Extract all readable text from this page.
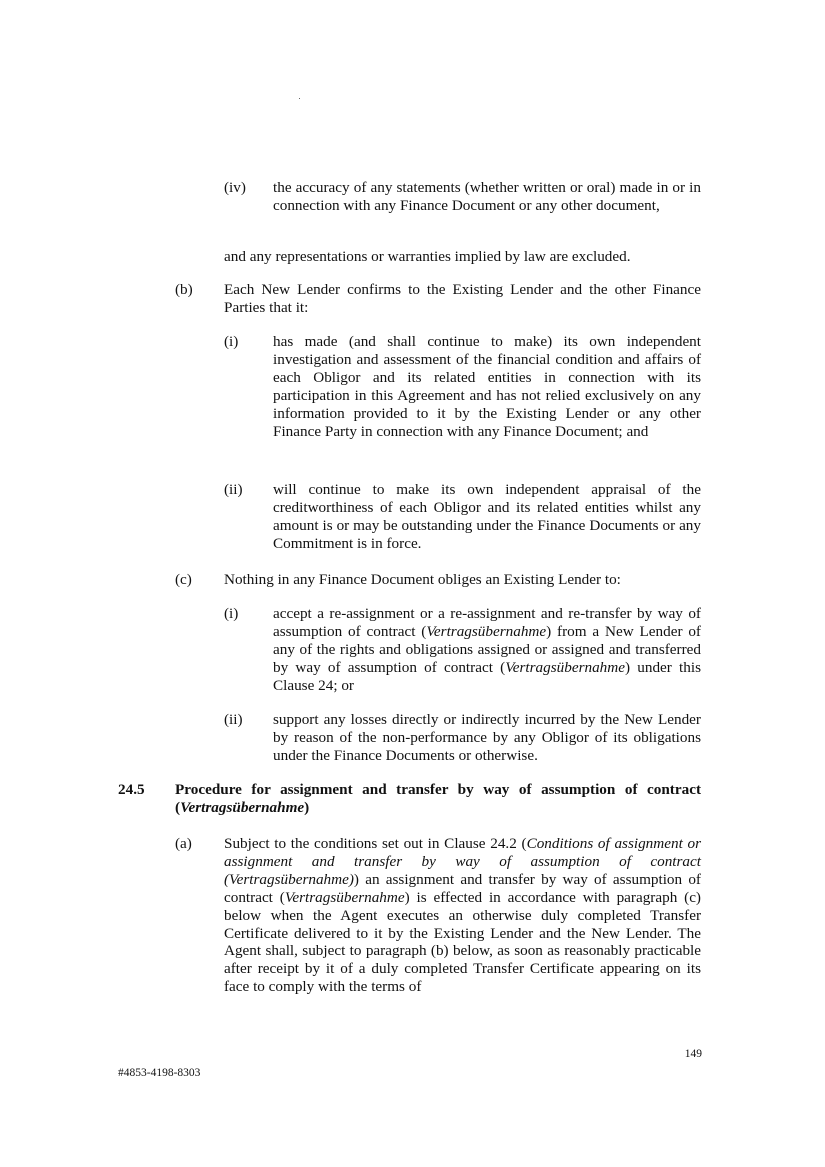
(iv) the accuracy of any statements (whether written or oral) made in or in connection with any Finance Document or any other document,
and any representations or warranties implied by law are excluded.
(b) Each New Lender confirms to the Existing Lender and the other Finance Parties that it:
(i) has made (and shall continue to make) its own independent investigation and assessment of the financial condition and affairs of each Obligor and its related entities in connection with its participation in this Agreement and has not relied exclusively on any information provided to it by the Existing Lender or any other Finance Party in connection with any Finance Document; and
(ii) will continue to make its own independent appraisal of the creditworthiness of each Obligor and its related entities whilst any amount is or may be outstanding under the Finance Documents or any Commitment is in force.
(c) Nothing in any Finance Document obliges an Existing Lender to:
(i) accept a re-assignment or a re-assignment and re-transfer by way of assumption of contract (Vertragsübernahme) from a New Lender of any of the rights and obligations assigned or assigned and transferred by way of assumption of contract (Vertragsübernahme) under this Clause 24; or
(ii) support any losses directly or indirectly incurred by the New Lender by reason of the non-performance by any Obligor of its obligations under the Finance Documents or otherwise.
24.5 Procedure for assignment and transfer by way of assumption of contract (Vertragsübernahme)
(a) Subject to the conditions set out in Clause 24.2 (Conditions of assignment or assignment and transfer by way of assumption of contract (Vertragsübernahme)) an assignment and transfer by way of assumption of contract (Vertragsübernahme) is effected in accordance with paragraph (c) below when the Agent executes an otherwise duly completed Transfer Certificate delivered to it by the Existing Lender and the New Lender. The Agent shall, subject to paragraph (b) below, as soon as reasonably practicable after receipt by it of a duly completed Transfer Certificate appearing on its face to comply with the terms of
149
#4853-4198-8303
